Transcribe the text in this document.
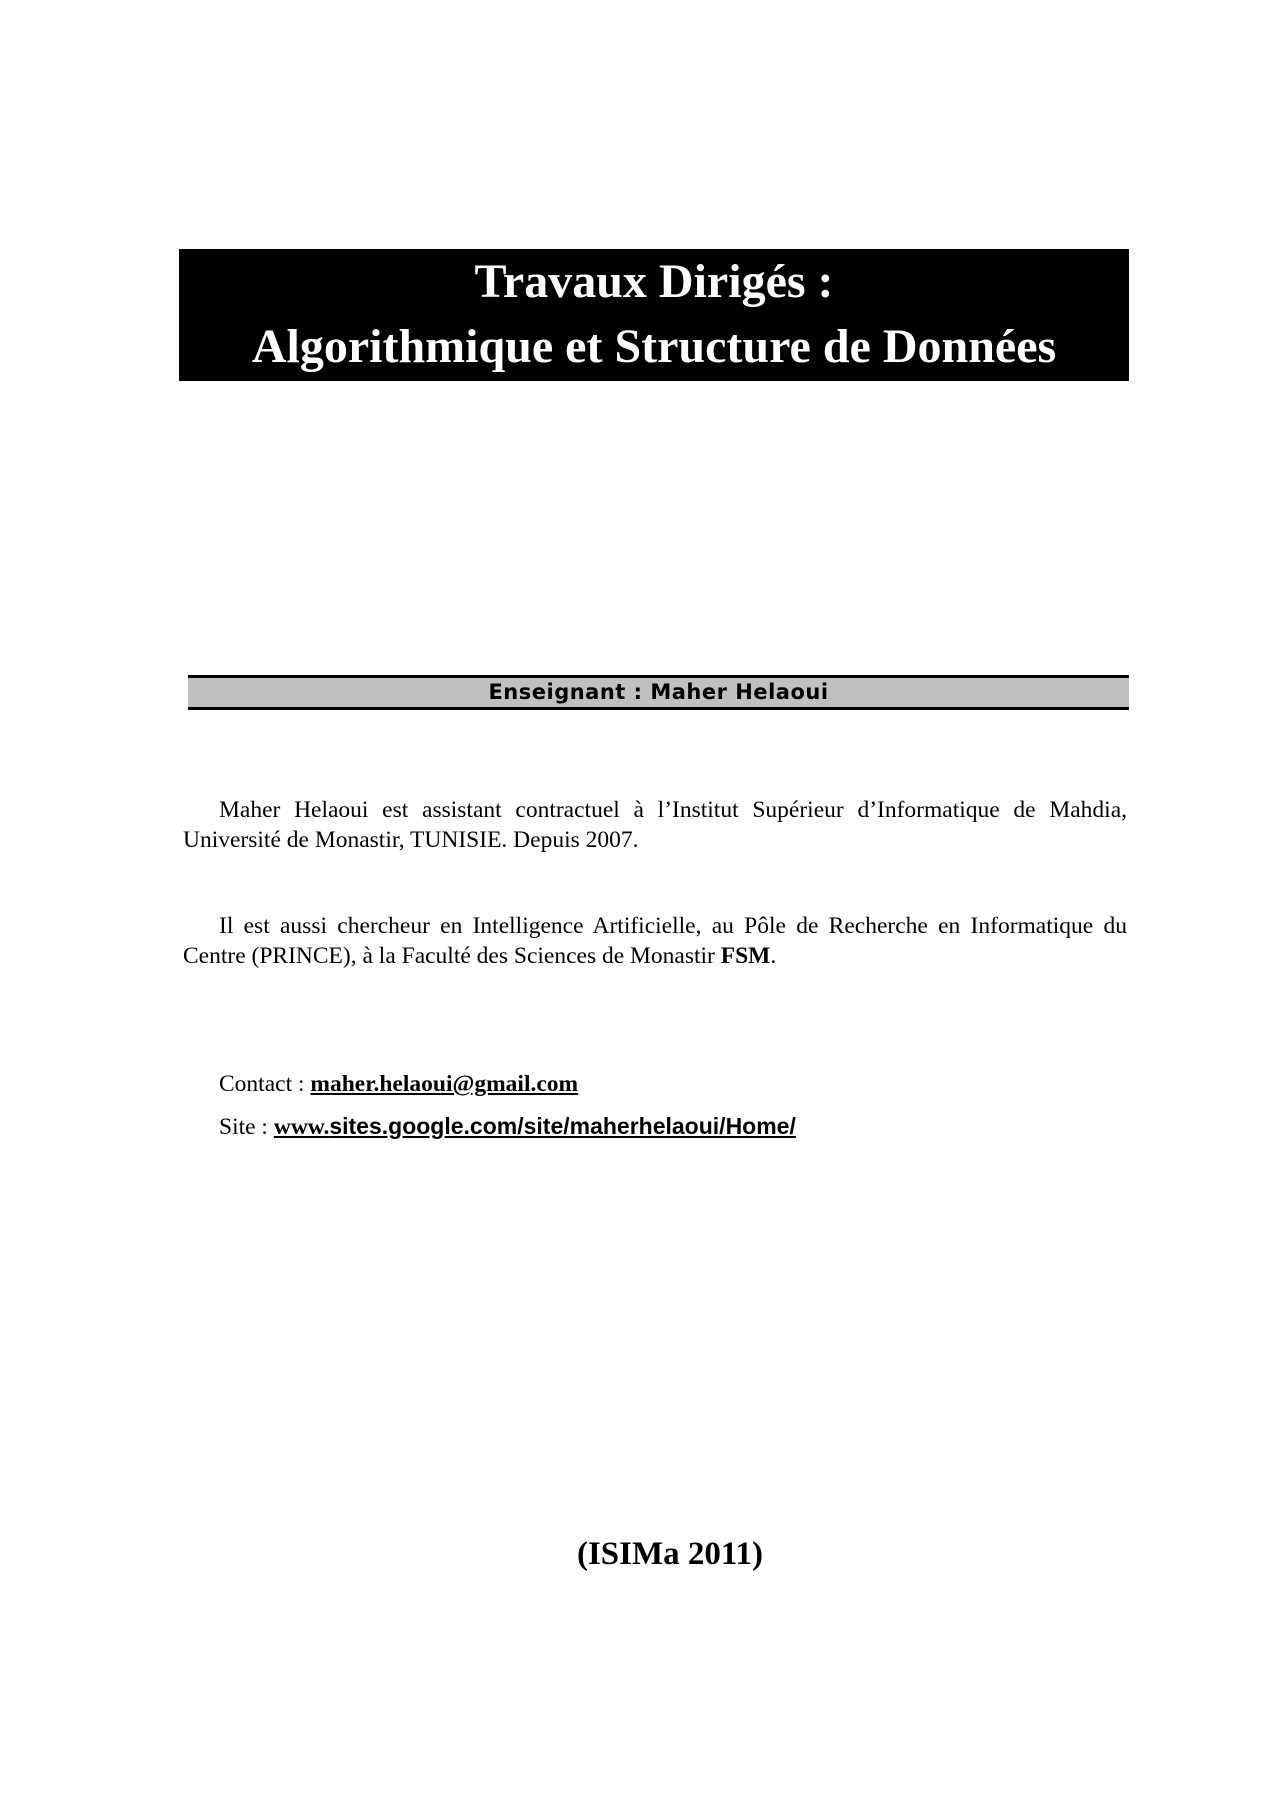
Travaux Dirigés :
Algorithmique et Structure de Données
Enseignant : Maher Helaoui

Maher Helaoui est assistant contractuel à l’Institut Supérieur d’Informatique de Mahdia, Université de Monastir, TUNISIE. Depuis 2007.

Il est aussi chercheur en Intelligence Artificielle, au Pôle de Recherche en Informatique du Centre (PRINCE), à la Faculté des Sciences de Monastir FSM.

Contact : maher.helaoui@gmail.com
Site : www.sites.google.com/site/maherhelaoui/Home/
(ISIMa 2011)
